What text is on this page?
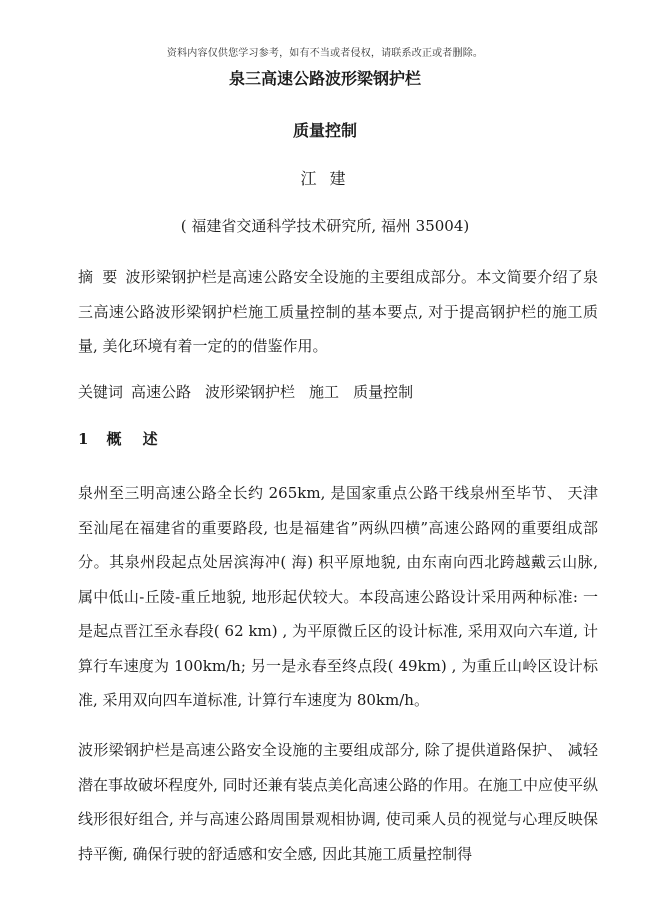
资料内容仅供您学习参考，如有不当或者侵权，请联系改正或者删除。
泉三高速公路波形梁钢护栏
质量控制
江 建
( 福建省交通科学技术研究所, 福州 35004)

摘 要 波形梁钢护栏是高速公路安全设施的主要组成部分。本文简要介绍了泉三高速公路波形梁钢护栏施工质量控制的基本要点, 对于提高钢护栏的施工质量, 美化环境有着一定的的借鉴作用。

关键词 高速公路 波形梁钢护栏 施工 质量控制

1 概 述

泉州至三明高速公路全长约 265km, 是国家重点公路干线泉州至毕节、 天津至汕尾在福建省的重要路段, 也是福建省”两纵四横”高速公路网的重要组成部分。其泉州段起点处居滨海冲( 海) 积平原地貌, 由东南向西北跨越戴云山脉, 属中低山-丘陵-重丘地貌, 地形起伏较大。本段高速公路设计采用两种标准: 一是起点晋江至永春段( 62 km) , 为平原微丘区的设计标准, 采用双向六车道, 计算行车速度为 100km/h; 另一是永春至终点段( 49km) , 为重丘山岭区设计标准, 采用双向四车道标准, 计算行车速度为 80km/h。

波形梁钢护栏是高速公路安全设施的主要组成部分, 除了提供道路保护、 减轻潜在事故破坏程度外, 同时还兼有装点美化高速公路的作用。在施工中应使平纵线形很好组合, 并与高速公路周围景观相协调, 使司乘人员的视觉与心理反映保持平衡, 确保行驶的舒适感和安全感, 因此其施工质量控制得
